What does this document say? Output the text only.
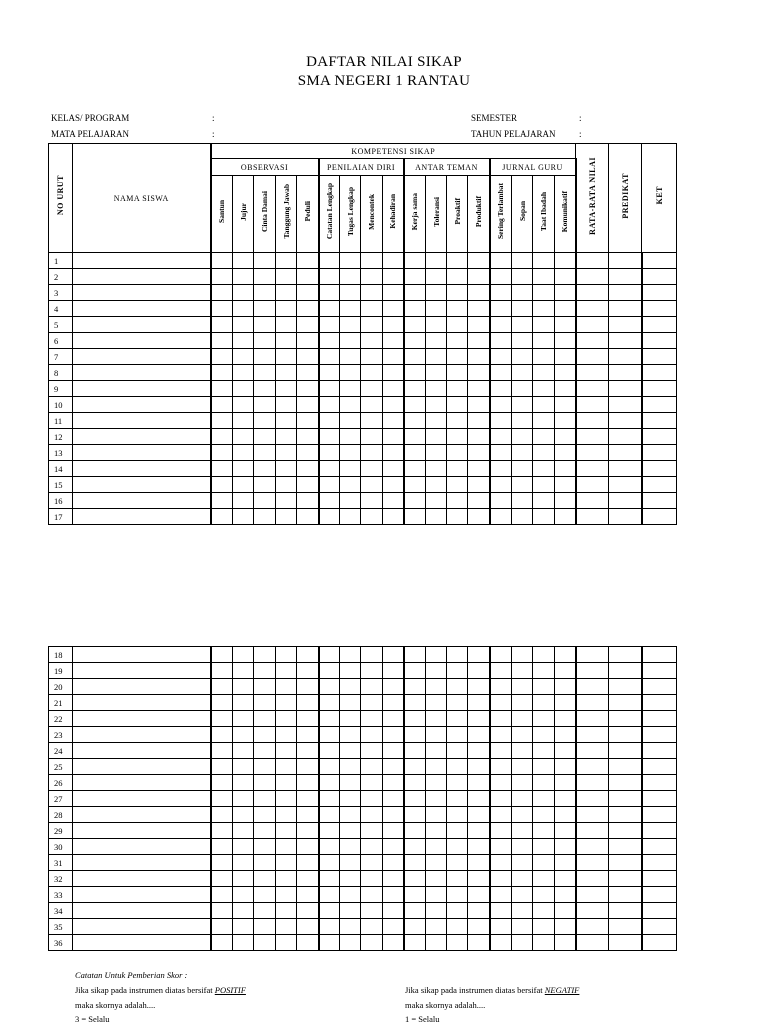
DAFTAR NILAI SIKAP
SMA NEGERI 1 RANTAU
KELAS/ PROGRAM	:
MATA PELAJARAN	:
SEMESTER	:
TAHUN PELAJARAN	:
NO URUT	NAMA SISWA	KOMPETENSI SIKAP																	RATA-RATA NILAI	PREDIKAT	KET
		OBSERVASI					PENILAIAN DIRI				ANTAR TEMAN				JURNAL GURU						
		Santun	Jujur	Cinta Damai	Tanggung Jawab	Peduli	Catatan Lengkap	Tugas Lengkap	Mencontek	Kehadiran	Kerja sama	Toleransi	Proaktif	Produktif	Sering Terlambat	Sopan	Taat Ibadah	Komunikatif			
1																					
2																					
3																					
4																					
5																					
6																					
7																					
8																					
9																					
10																					
11																					
12																					
13																					
14																					
15																					
16																					
17																					
18																					
19																					
20																					
21																					
22																					
23																					
24																					
25																					
26																					
27																					
28																					
29																					
30																					
31																					
32																					
33																					
34																					
35																					
36																					
Catatan Untuk Pemberian Skor :
Jika sikap pada instrumen diatas bersifat POSITIF
maka skornya adalah....
3 = Selalu
Jika sikap pada instrumen diatas bersifat NEGATIF
maka skornya adalah....
1 = Selalu
